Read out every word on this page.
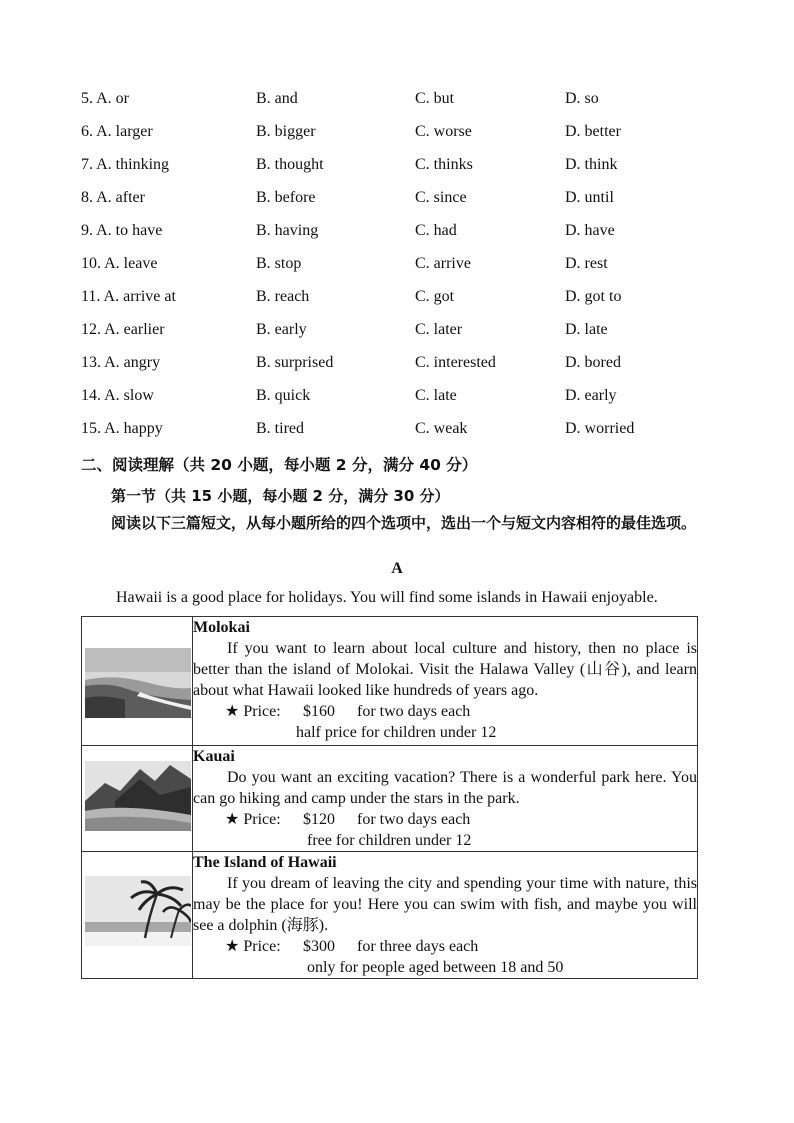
5. A. or	B. and	C. but	D. so
6. A. larger	B. bigger	C. worse	D. better
7. A. thinking	B. thought	C. thinks	D. think
8. A. after	B. before	C. since	D. until
9. A. to have	B. having	C. had	D. have
10. A. leave	B. stop	C. arrive	D. rest
11. A. arrive at	B. reach	C. got	D. got to
12. A. earlier	B. early	C. later	D. late
13. A. angry	B. surprised	C. interested	D. bored
14. A. slow	B. quick	C. late	D. early
15. A. happy	B. tired	C. weak	D. worried
二、阅读理解（共 20 小题，每小题 2 分，满分 40 分）
第一节（共 15 小题，每小题 2 分，满分 30 分）
阅读以下三篇短文，从每小题所给的四个选项中，选出一个与短文内容相符的最佳选项。
A
Hawaii is a good place for holidays. You will find some islands in Hawaii enjoyable.

Molokai

If you want to learn about local culture and history, then no place is better than the island of Molokai. Visit the Halawa Valley (山谷), and learn about what Hawaii looked like hundreds of years ago.

★ Price: $160 for two days each
half price for children under 12

Kauai

Do you want an exciting vacation? There is a wonderful park here. You can go hiking and camp under the stars in the park.

★ Price: $120 for two days each
free for children under 12

The Island of Hawaii

If you dream of leaving the city and spending your time with nature, this may be the place for you! Here you can swim with fish, and maybe you will see a dolphin (海豚).

★ Price: $300 for three days each
only for people aged between 18 and 50
